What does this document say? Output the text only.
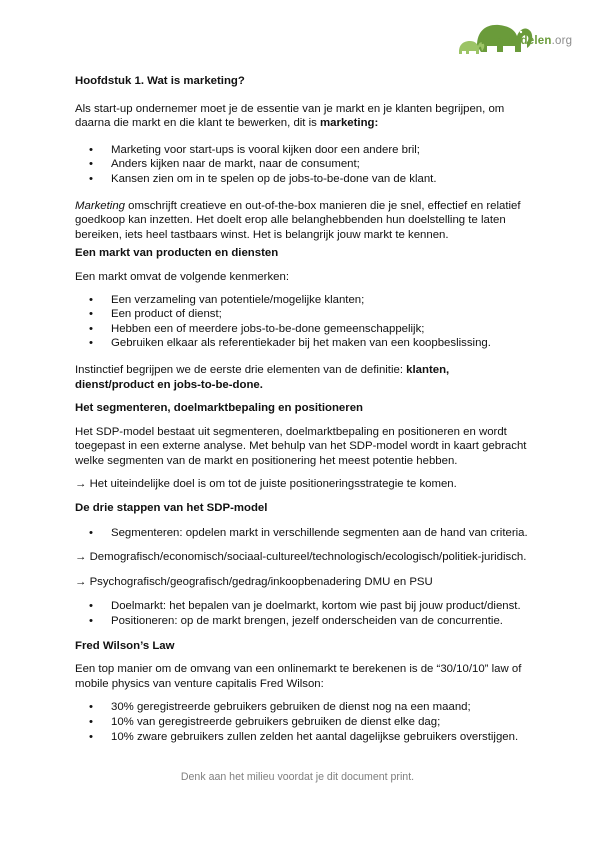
Kennisdelen.org

Hoofdstuk 1. Wat is marketing?

Als start-up ondernemer moet je de essentie van je markt en je klanten begrijpen, om daarna die markt en die klant te bewerken, dit is marketing:

• Marketing voor start-ups is vooral kijken door een andere bril;
• Anders kijken naar de markt, naar de consument;
• Kansen zien om in te spelen op de jobs-to-be-done van de klant.

Marketing omschrijft creatieve en out-of-the-box manieren die je snel, effectief en relatief goedkoop kan inzetten. Het doelt erop alle belanghebbenden hun doelstelling te laten bereiken, iets heel tastbaars winst. Het is belangrijk jouw markt te kennen.

Een markt van producten en diensten

Een markt omvat de volgende kenmerken:

• Een verzameling van potentiele/mogelijke klanten;
• Een product of dienst;
• Hebben een of meerdere jobs-to-be-done gemeenschappelijk;
• Gebruiken elkaar als referentiekader bij het maken van een koopbeslissing.

Instinctief begrijpen we de eerste drie elementen van de definitie: klanten, dienst/product en jobs-to-be-done.

Het segmenteren, doelmarktbepaling en positioneren

Het SDP-model bestaat uit segmenteren, doelmarktbepaling en positioneren en wordt toegepast in een externe analyse. Met behulp van het SDP-model wordt in kaart gebracht welke segmenten van de markt en positionering het meest potentie hebben.

→ Het uiteindelijke doel is om tot de juiste positioneringsstrategie te komen.

De drie stappen van het SDP-model

• Segmenteren: opdelen markt in verschillende segmenten aan de hand van criteria.

→ Demografisch/economisch/sociaal-cultureel/technologisch/ecologisch/politiek-juridisch.

→ Psychografisch/geografisch/gedrag/inkoopbenadering DMU en PSU

• Doelmarkt: het bepalen van je doelmarkt, kortom wie past bij jouw product/dienst.
• Positioneren: op de markt brengen, jezelf onderscheiden van de concurrentie.

Fred Wilson’s Law

Een top manier om de omvang van een onlinemarkt te berekenen is de “30/10/10” law of mobile physics van venture capitalis Fred Wilson:

• 30% geregistreerde gebruikers gebruiken de dienst nog na een maand;
• 10% van geregistreerde gebruikers gebruiken de dienst elke dag;
• 10% zware gebruikers zullen zelden het aantal dagelijkse gebruikers overstijgen.
Denk aan het milieu voordat je dit document print.
